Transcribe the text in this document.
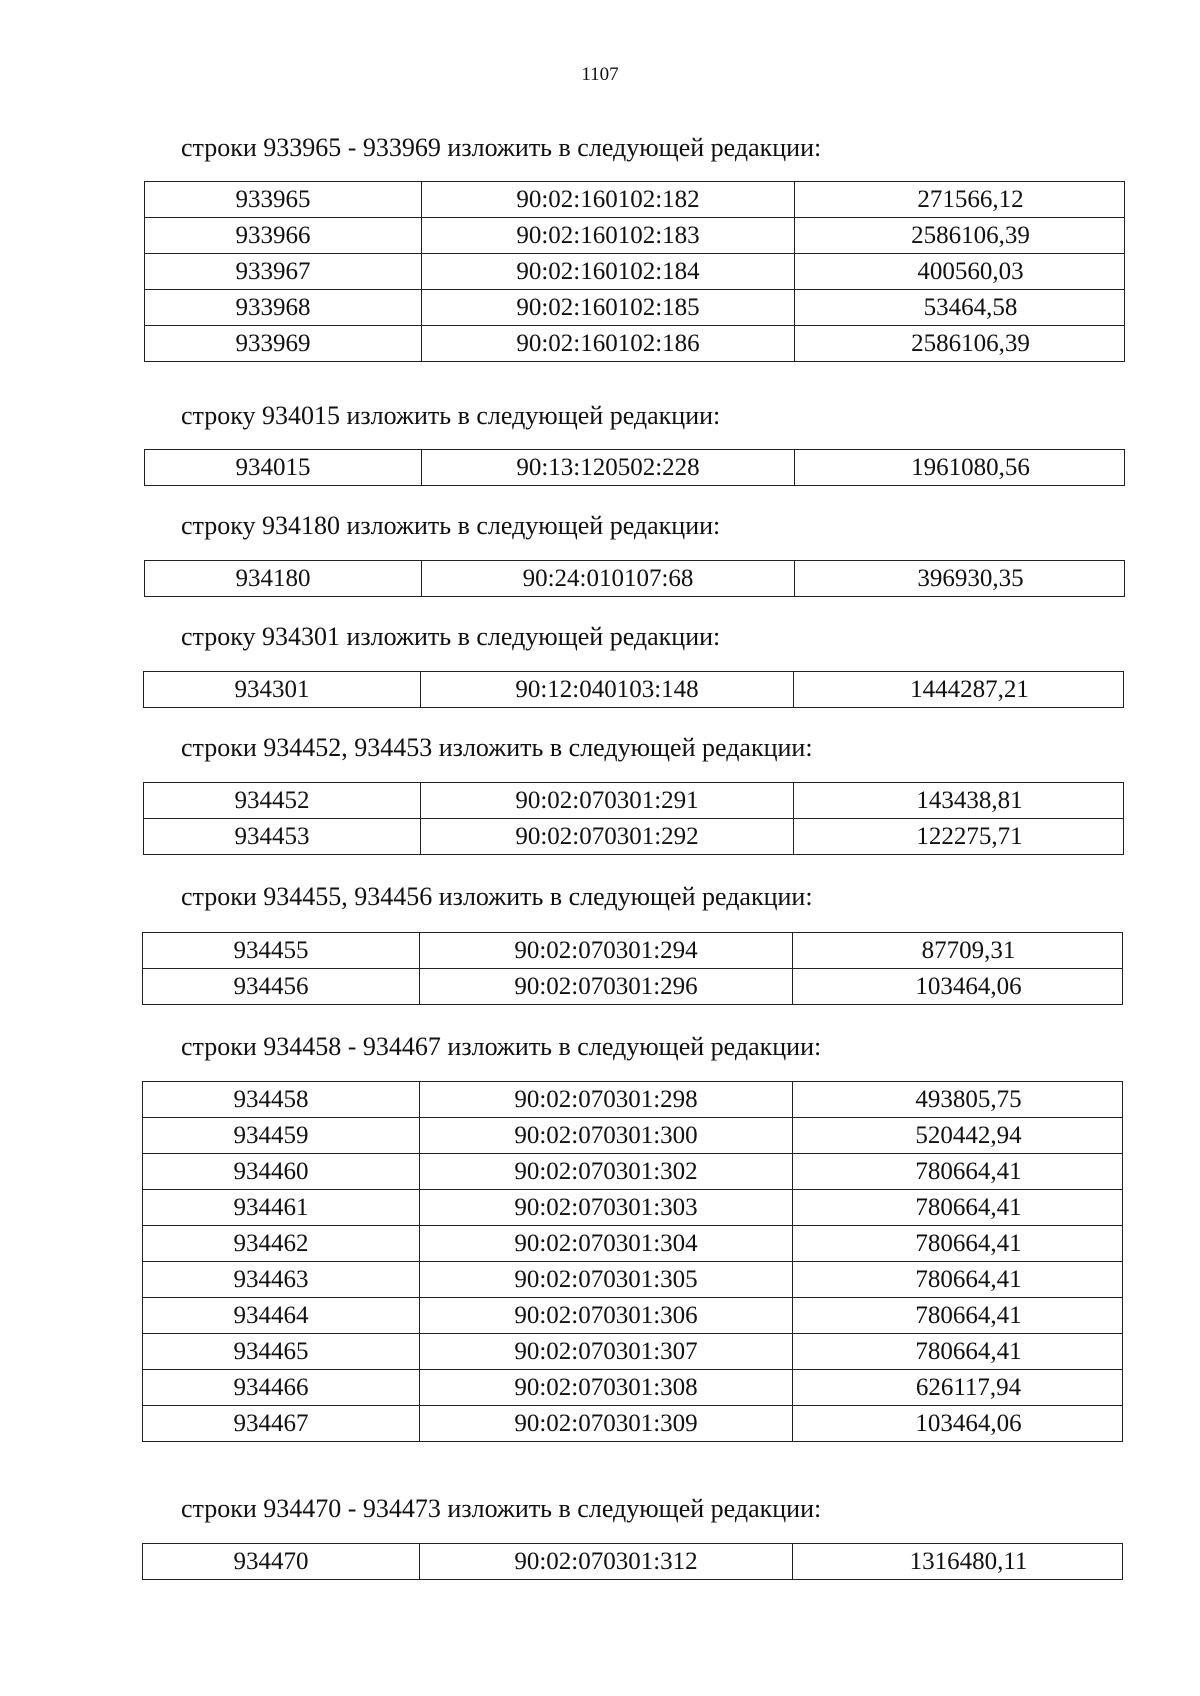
1107
строки 933965 - 933969 изложить в следующей редакции:
933965	90:02:160102:182	271566,12
933966	90:02:160102:183	2586106,39
933967	90:02:160102:184	400560,03
933968	90:02:160102:185	53464,58
933969	90:02:160102:186	2586106,39
строку 934015 изложить в следующей редакции:
934015	90:13:120502:228	1961080,56
строку 934180 изложить в следующей редакции:
934180	90:24:010107:68	396930,35
строку 934301 изложить в следующей редакции:
934301	90:12:040103:148	1444287,21
строки 934452, 934453 изложить в следующей редакции:
934452	90:02:070301:291	143438,81
934453	90:02:070301:292	122275,71
строки 934455, 934456 изложить в следующей редакции:
934455	90:02:070301:294	87709,31
934456	90:02:070301:296	103464,06
строки 934458 - 934467 изложить в следующей редакции:
934458	90:02:070301:298	493805,75
934459	90:02:070301:300	520442,94
934460	90:02:070301:302	780664,41
934461	90:02:070301:303	780664,41
934462	90:02:070301:304	780664,41
934463	90:02:070301:305	780664,41
934464	90:02:070301:306	780664,41
934465	90:02:070301:307	780664,41
934466	90:02:070301:308	626117,94
934467	90:02:070301:309	103464,06
строки 934470 - 934473 изложить в следующей редакции:
934470	90:02:070301:312	1316480,11
